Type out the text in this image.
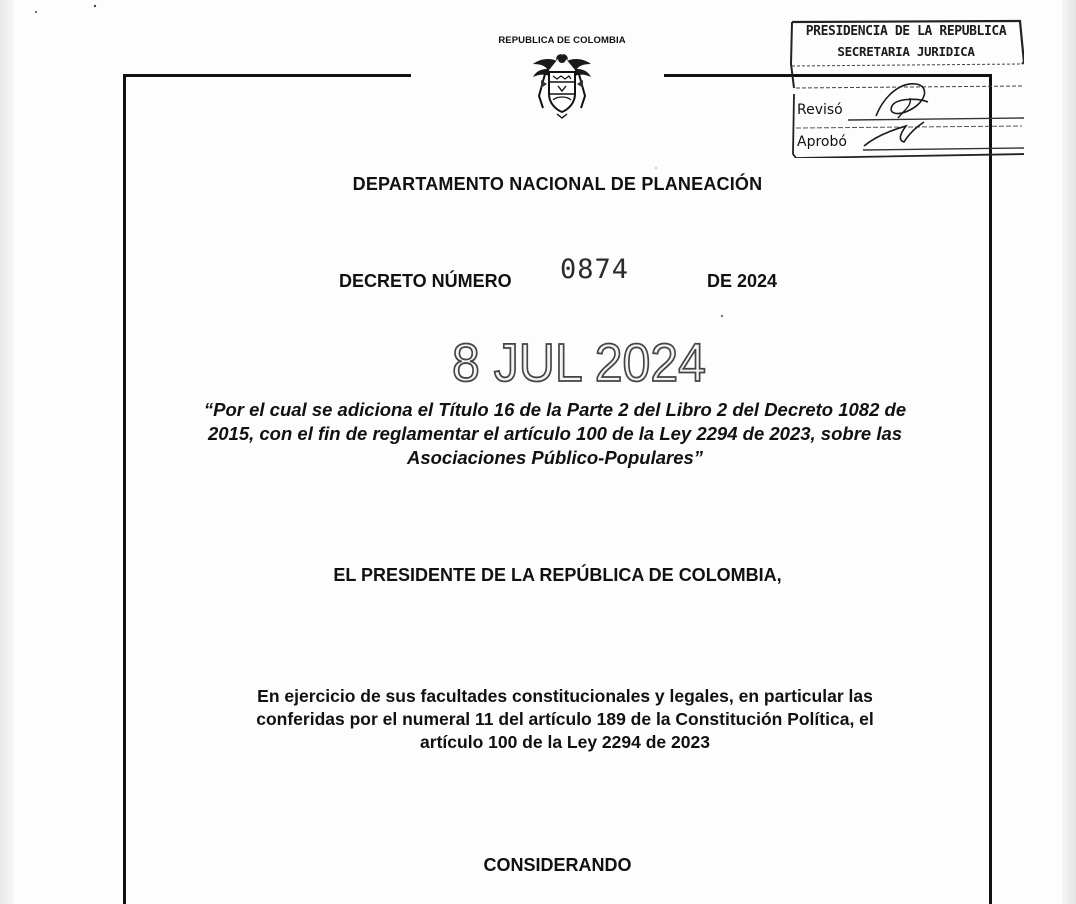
REPUBLICA DE COLOMBIA
PRESIDENCIA DE LA REPUBLICA
SECRETARIA JURIDICA
Revisó
Aprobó
DEPARTAMENTO NACIONAL DE PLANEACIÓN
DECRETO NÚMERO 0874	DE 2024
8 JUL 2024
“Por el cual se adiciona el Título 16 de la Parte 2 del Libro 2 del Decreto 1082 de
2015, con el fin de reglamentar el artículo 100 de la Ley 2294 de 2023, sobre las
Asociaciones Público-Populares”
EL PRESIDENTE DE LA REPÚBLICA DE COLOMBIA,
En ejercicio de sus facultades constitucionales y legales, en particular las
conferidas por el numeral 11 del artículo 189 de la Constitución Política, el
artículo 100 de la Ley 2294 de 2023
CONSIDERANDO
